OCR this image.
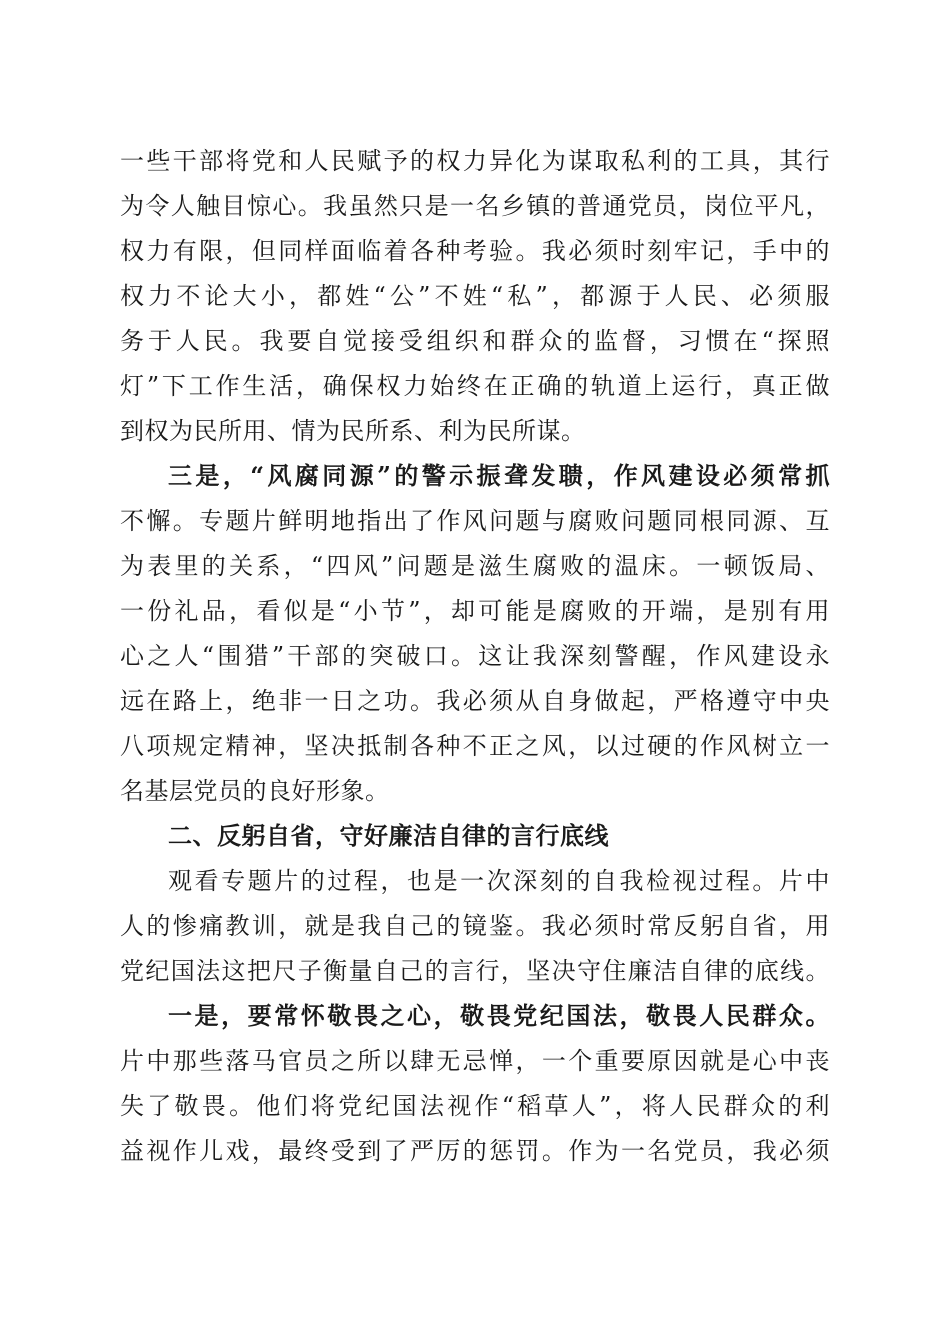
一些干部将党和人民赋予的权力异化为谋取私利的工具，其行
为令人触目惊心。我虽然只是一名乡镇的普通党员，岗位平凡，
权力有限，但同样面临着各种考验。我必须时刻牢记，手中的
权力不论大小，都姓“公”不姓“私”，都源于人民、必须服
务于人民。我要自觉接受组织和群众的监督，习惯在“探照
灯”下工作生活，确保权力始终在正确的轨道上运行，真正做
到权为民所用、情为民所系、利为民所谋。
三是，“风腐同源”的警示振聋发聩，作风建设必须常抓
不懈。专题片鲜明地指出了作风问题与腐败问题同根同源、互
为表里的关系，“四风”问题是滋生腐败的温床。一顿饭局、
一份礼品，看似是“小节”，却可能是腐败的开端，是别有用
心之人“围猎”干部的突破口。这让我深刻警醒，作风建设永
远在路上，绝非一日之功。我必须从自身做起，严格遵守中央
八项规定精神，坚决抵制各种不正之风，以过硬的作风树立一
名基层党员的良好形象。
二、反躬自省，守好廉洁自律的言行底线
观看专题片的过程，也是一次深刻的自我检视过程。片中
人的惨痛教训，就是我自己的镜鉴。我必须时常反躬自省，用
党纪国法这把尺子衡量自己的言行，坚决守住廉洁自律的底线。
一是，要常怀敬畏之心，敬畏党纪国法，敬畏人民群众。
片中那些落马官员之所以肆无忌惮，一个重要原因就是心中丧
失了敬畏。他们将党纪国法视作“稻草人”，将人民群众的利
益视作儿戏，最终受到了严厉的惩罚。作为一名党员，我必须
